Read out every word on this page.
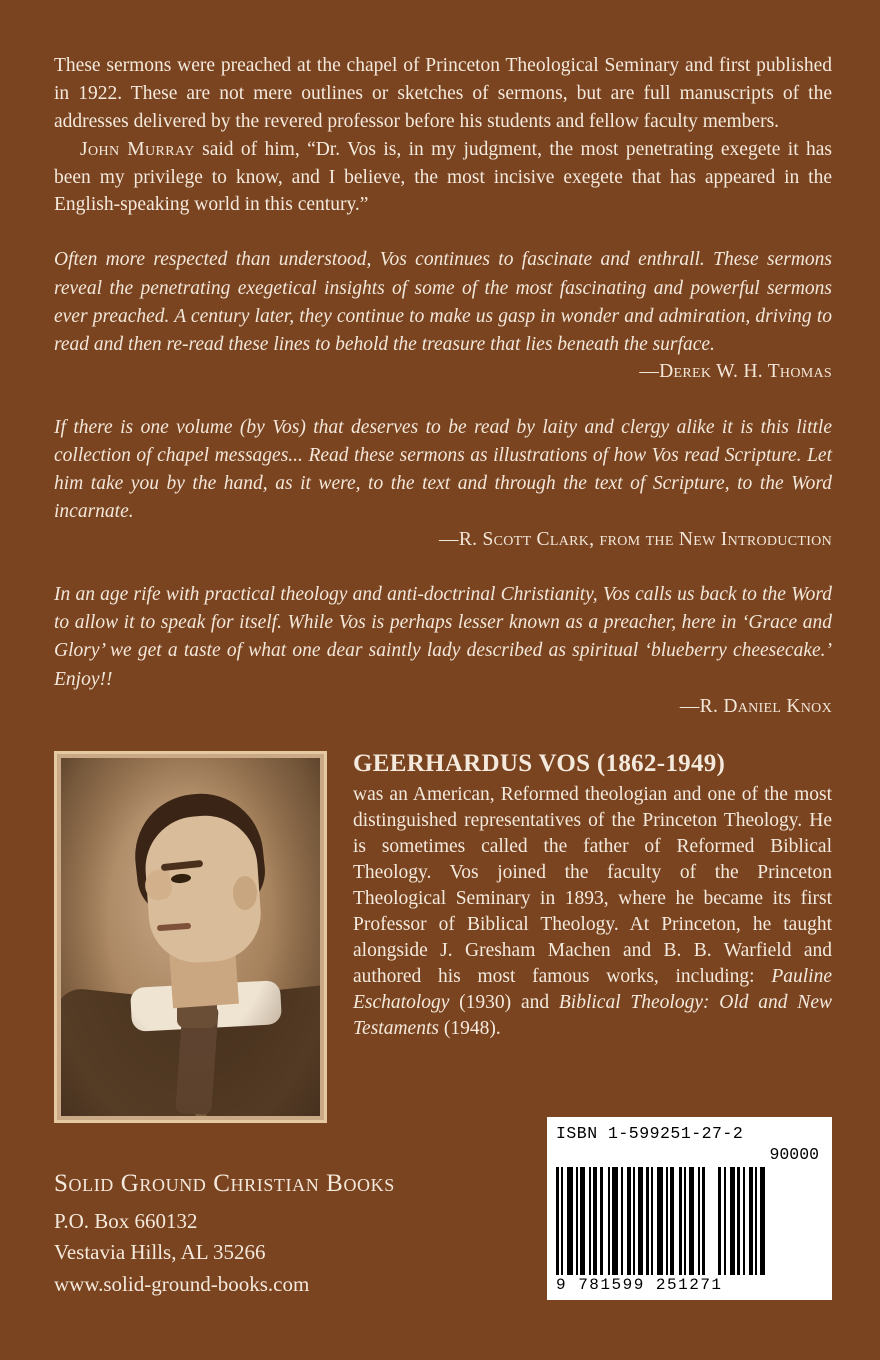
These sermons were preached at the chapel of Princeton Theological Seminary and first published in 1922. These are not mere outlines or sketches of sermons, but are full manuscripts of the addresses delivered by the revered professor before his students and fellow faculty members.

John Murray said of him, “Dr. Vos is, in my judgment, the most penetrating exegete it has been my privilege to know, and I believe, the most incisive exegete that has appeared in the English-speaking world in this century.”

Often more respected than understood, Vos continues to fascinate and enthrall. These sermons reveal the penetrating exegetical insights of some of the most fascinating and powerful sermons ever preached. A century later, they continue to make us gasp in wonder and admiration, driving to read and then re-read these lines to behold the treasure that lies beneath the surface.
—Derek W. H. Thomas
If there is one volume (by Vos) that deserves to be read by laity and clergy alike it is this little collection of chapel messages... Read these sermons as illustrations of how Vos read Scripture. Let him take you by the hand, as it were, to the text and through the text of Scripture, to the Word incarnate.
—R. Scott Clark, from the New Introduction
In an age rife with practical theology and anti-doctrinal Christianity, Vos calls us back to the Word to allow it to speak for itself. While Vos is perhaps lesser known as a preacher, here in ‘Grace and Glory’ we get a taste of what one dear saintly lady described as spiritual ‘blueberry cheesecake.’ Enjoy!!
—R. Daniel Knox
GEERHARDUS VOS (1862-1949)
was an American, Reformed theologian and one of the most distinguished representatives of the Princeton Theology. He is sometimes called the father of Reformed Biblical Theology. Vos joined the faculty of the Princeton Theological Seminary in 1893, where he became its first Professor of Biblical Theology. At Princeton, he taught alongside J. Gresham Machen and B. B. Warfield and authored his most famous works, including: Pauline Eschatology (1930) and Biblical Theology: Old and New Testaments (1948).
Solid Ground Christian Books
P.O. Box 660132
Vestavia Hills, AL 35266
www.solid-ground-books.com
ISBN 1-599251-27-2
90000
9 781599 251271
